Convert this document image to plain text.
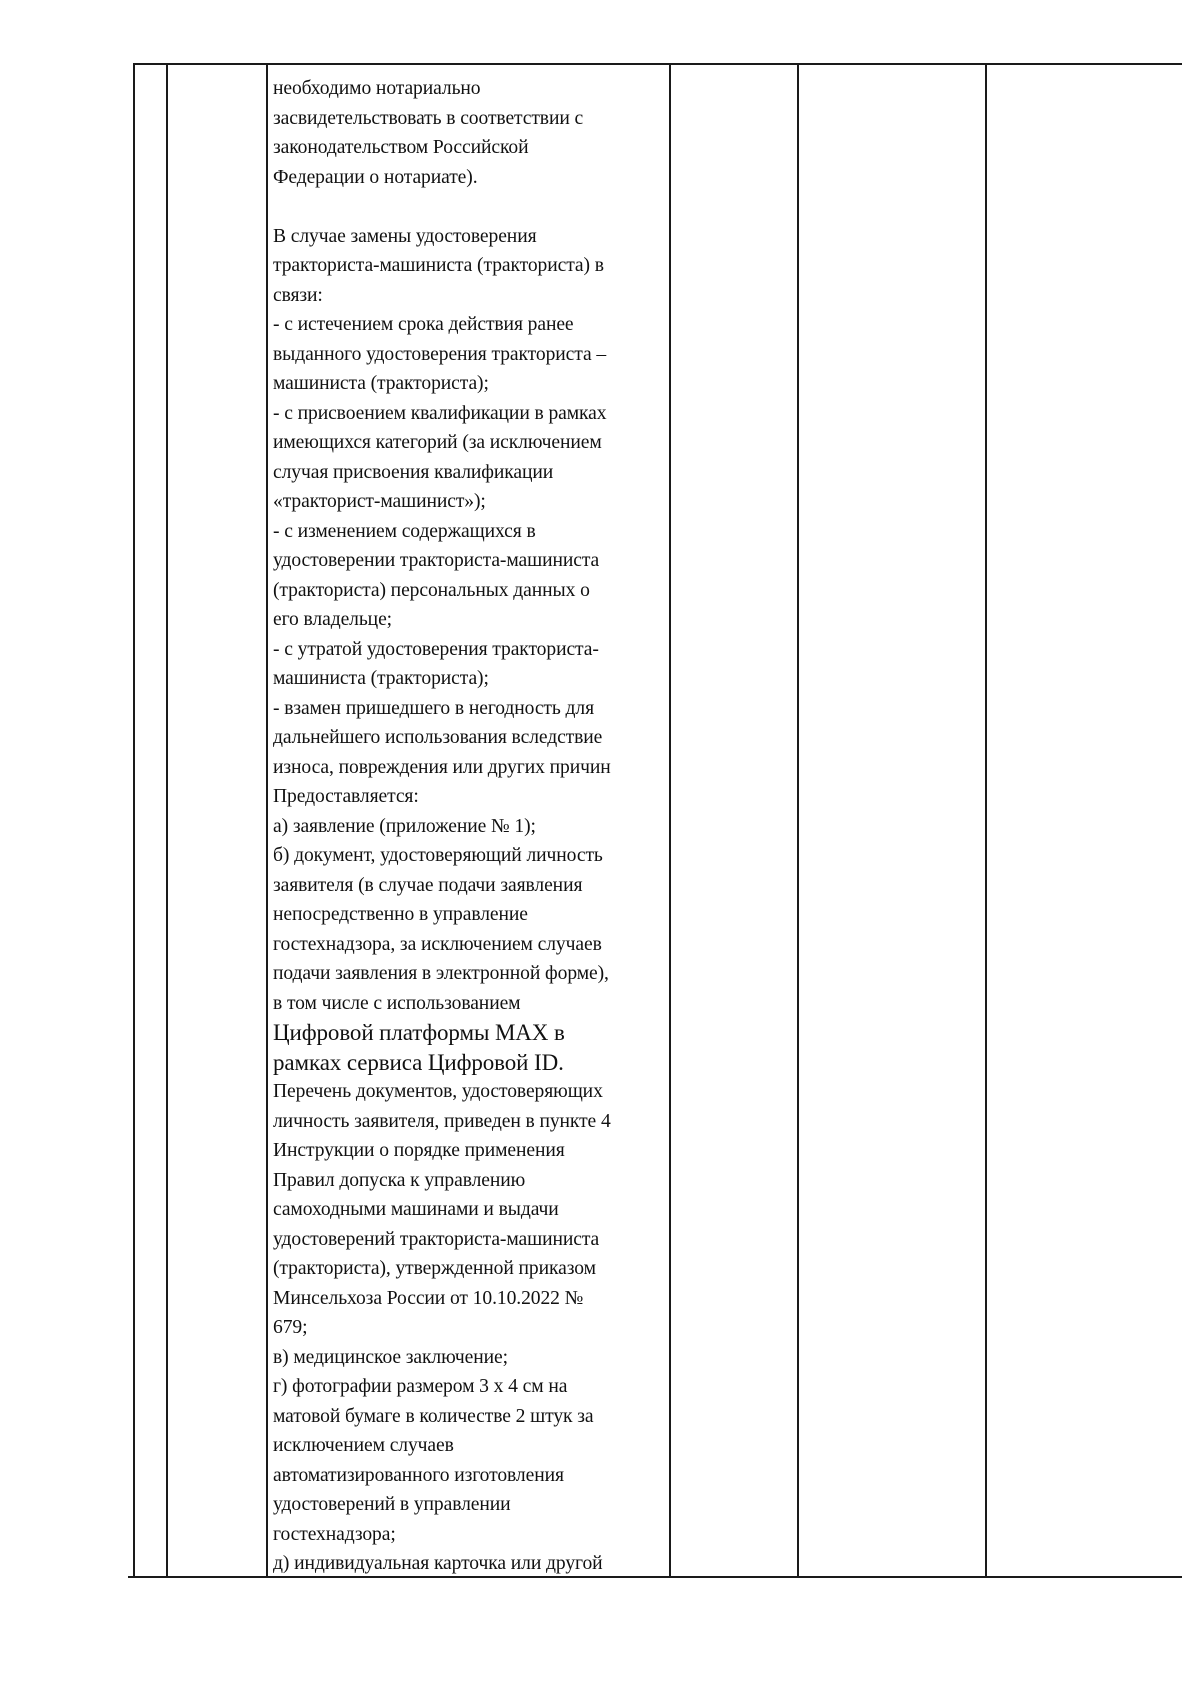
необходимо нотариально
засвидетельствовать в соответствии с
законодательством Российской
Федерации о нотариате).
В случае замены удостоверения
тракториста-машиниста (тракториста) в
связи:
- с истечением срока действия ранее
выданного удостоверения тракториста –
машиниста (тракториста);
- с присвоением квалификации в рамках
имеющихся категорий (за исключением
случая присвоения квалификации
«тракторист-машинист»);
- с изменением содержащихся в
удостоверении тракториста-машиниста
(тракториста) персональных данных о
его владельце;
- с утратой удостоверения тракториста-
машиниста (тракториста);
- взамен пришедшего в негодность для
дальнейшего использования вследствие
износа, повреждения или других причин
Предоставляется:
а) заявление (приложение № 1);
б) документ, удостоверяющий личность
заявителя (в случае подачи заявления
непосредственно в управление
гостехнадзора, за исключением случаев
подачи заявления в электронной форме),
в том числе с использованием
Цифровой платформы МАХ в
рамках сервиса Цифровой ID.
Перечень документов, удостоверяющих
личность заявителя, приведен в пункте 4
Инструкции о порядке применения
Правил допуска к управлению
самоходными машинами и выдачи
удостоверений тракториста-машиниста
(тракториста), утвержденной приказом
Минсельхоза России от 10.10.2022 №
679;
в) медицинское заключение;
г) фотографии размером 3 х 4 см на
матовой бумаге в количестве 2 штук за
исключением случаев
автоматизированного изготовления
удостоверений в управлении
гостехнадзора;
д) индивидуальная карточка или другой
